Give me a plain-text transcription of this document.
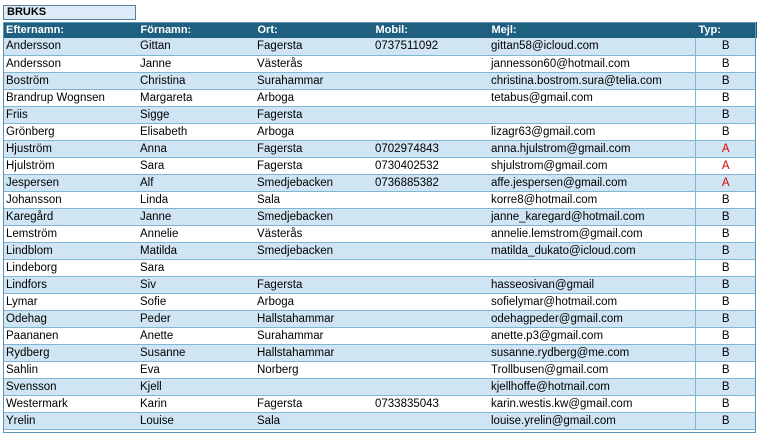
BRUKS
Efternamn:	Förnamn:	Ort:	Mobil:	Mejl:	Typ:
Andersson	Gittan	Fagersta	0737511092	gittan58@icloud.com	B
Andersson	Janne	Västerås		jannesson60@hotmail.com	B
Boström	Christina	Surahammar		christina.bostrom.sura@telia.com	B
Brandrup Wognsen	Margareta	Arboga		tetabus@gmail.com	B
Friis	Sigge	Fagersta			B
Grönberg	Elisabeth	Arboga		lizagr63@gmail.com	B
Hjuström	Anna	Fagersta	0702974843	anna.hjulstrom@gmail.com	A
Hjulström	Sara	Fagersta	0730402532	shjulstrom@gmail.com	A
Jespersen	Alf	Smedjebacken	0736885382	affe.jespersen@gmail.com	A
Johansson	Linda	Sala		korre8@hotmail.com	B
Karegård	Janne	Smedjebacken		janne_karegard@hotmail.com	B
Lemström	Annelie	Västerås		annelie.lemstrom@gmail.com	B
Lindblom	Matilda	Smedjebacken		matilda_dukato@icloud.com	B
Lindeborg	Sara				B
Lindfors	Siv	Fagersta		hasseosivan@gmail	B
Lymar	Sofie	Arboga		sofielymar@hotmail.com	B
Odehag	Peder	Hallstahammar		odehagpeder@gmail.com	B
Paananen	Anette	Surahammar		anette.p3@gmail.com	B
Rydberg	Susanne	Hallstahammar		susanne.rydberg@me.com	B
Sahlin	Eva	Norberg		Trollbusen@gmail.com	B
Svensson	Kjell			kjellhoffe@hotmail.com	B
Westermark	Karin	Fagersta	0733835043	karin.westis.kw@gmail.com	B
Yrelin	Louise	Sala		louise.yrelin@gmail.com	B
